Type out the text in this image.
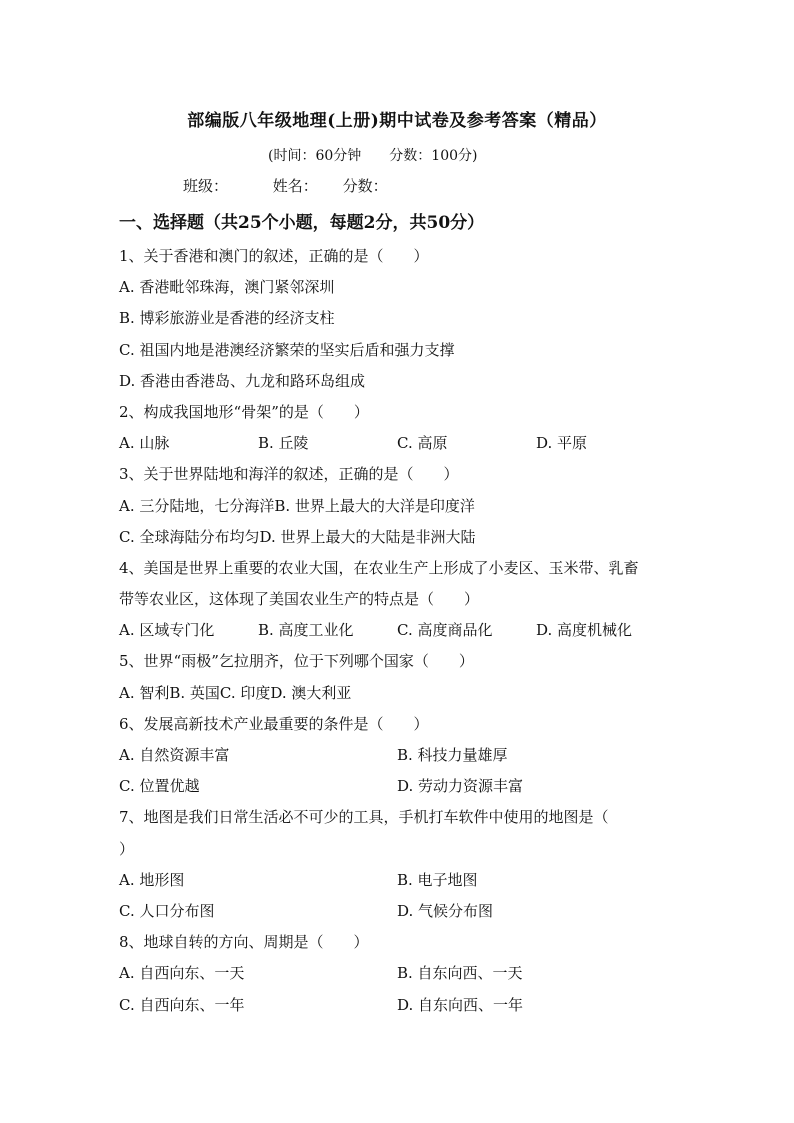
部编版八年级地理(上册)期中试卷及参考答案（精品）
(时间：60分钟 分数：100分)
班级：	姓名： 分数：
一、选择题（共25个小题，每题2分，共50分）
1、关于香港和澳门的叙述，正确的是（　　）
A. 香港毗邻珠海，澳门紧邻深圳
B. 博彩旅游业是香港的经济支柱
C. 祖国内地是港澳经济繁荣的坚实后盾和强力支撑
D. 香港由香港岛、九龙和路环岛组成
2、构成我国地形“骨架”的是（　　）
A. 山脉	B. 丘陵	C. 高原	D. 平原
3、关于世界陆地和海洋的叙述，正确的是（　　）
A. 三分陆地，七分海洋B. 世界上最大的大洋是印度洋
C. 全球海陆分布均匀D. 世界上最大的大陆是非洲大陆
4、美国是世界上重要的农业大国，在农业生产上形成了小麦区、玉米带、乳畜
带等农业区，这体现了美国农业生产的特点是（　　）
A. 区域专门化	B. 高度工业化	C. 高度商品化	D. 高度机械化
5、世界“雨极”乞拉朋齐，位于下列哪个国家（　　）
A. 智利B. 英国C. 印度D. 澳大利亚
6、发展高新技术产业最重要的条件是（　　）
A. 自然资源丰富	B. 科技力量雄厚
C. 位置优越	D. 劳动力资源丰富
7、地图是我们日常生活必不可少的工具，手机打车软件中使用的地图是（
）
A. 地形图	B. 电子地图
C. 人口分布图	D. 气候分布图
8、地球自转的方向、周期是（　　）
A. 自西向东、一天	B. 自东向西、一天
C. 自西向东、一年	D. 自东向西、一年
